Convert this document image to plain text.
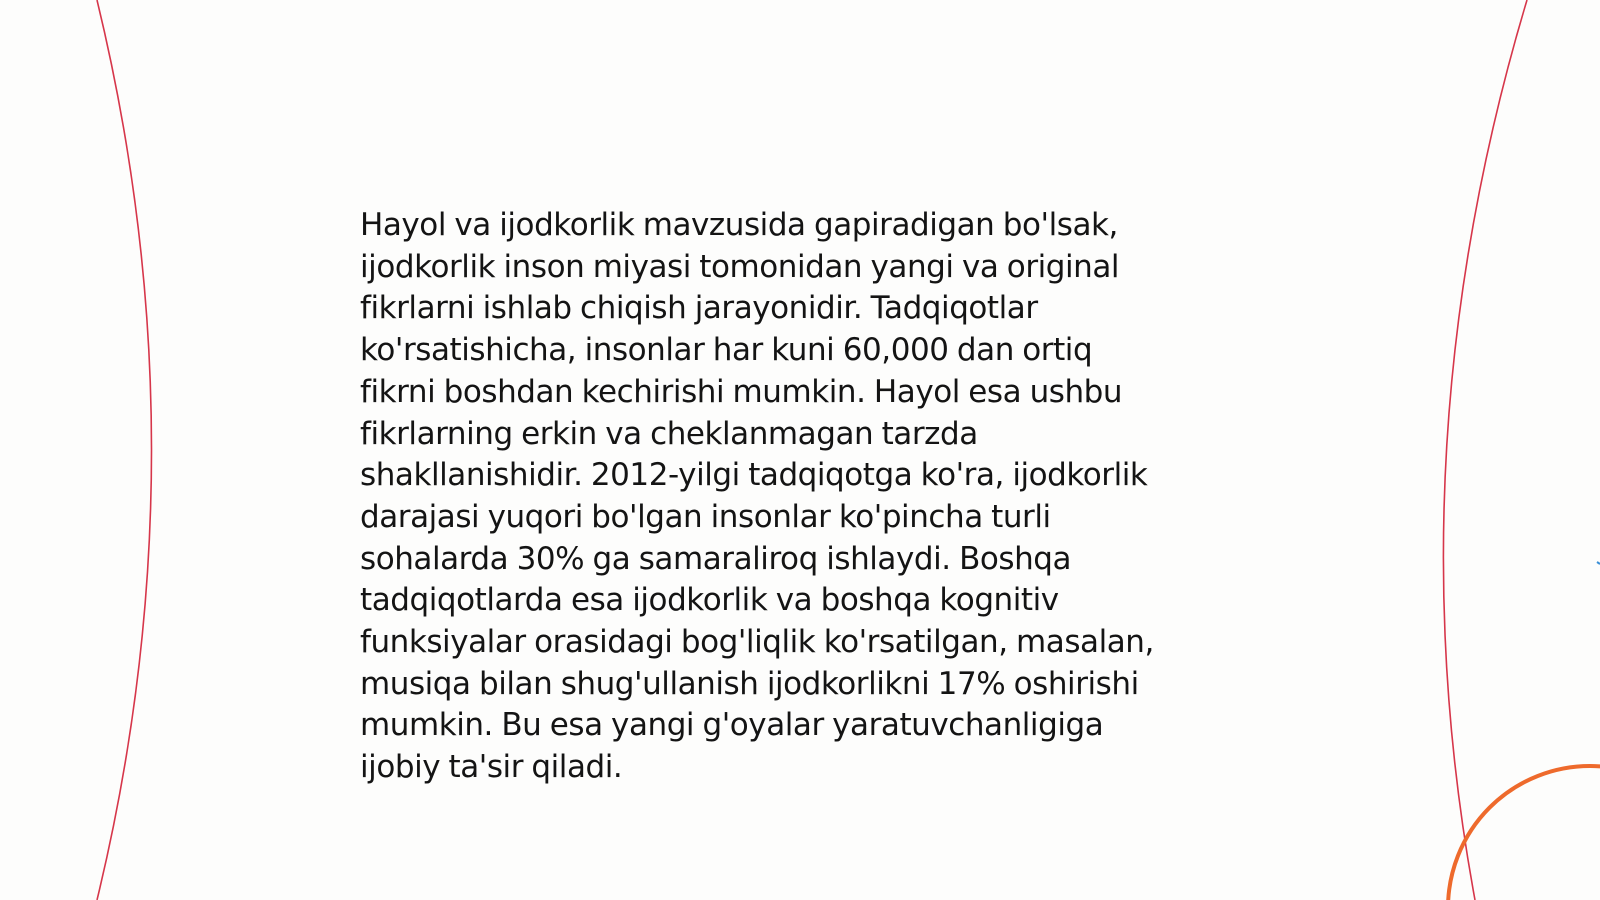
Hayol va ijodkorlik mavzusida gapiradigan bo'lsak,
ijodkorlik inson miyasi tomonidan yangi va original
fikrlarni ishlab chiqish jarayonidir. Tadqiqotlar
ko'rsatishicha, insonlar har kuni 60,000 dan ortiq
fikrni boshdan kechirishi mumkin. Hayol esa ushbu
fikrlarning erkin va cheklanmagan tarzda
shakllanishidir. 2012-yilgi tadqiqotga ko'ra, ijodkorlik
darajasi yuqori bo'lgan insonlar ko'pincha turli
sohalarda 30% ga samaraliroq ishlaydi. Boshqa
tadqiqotlarda esa ijodkorlik va boshqa kognitiv
funksiyalar orasidagi bog'liqlik ko'rsatilgan, masalan,
musiqa bilan shug'ullanish ijodkorlikni 17% oshirishi
mumkin. Bu esa yangi g'oyalar yaratuvchanligiga
ijobiy ta'sir qiladi.
